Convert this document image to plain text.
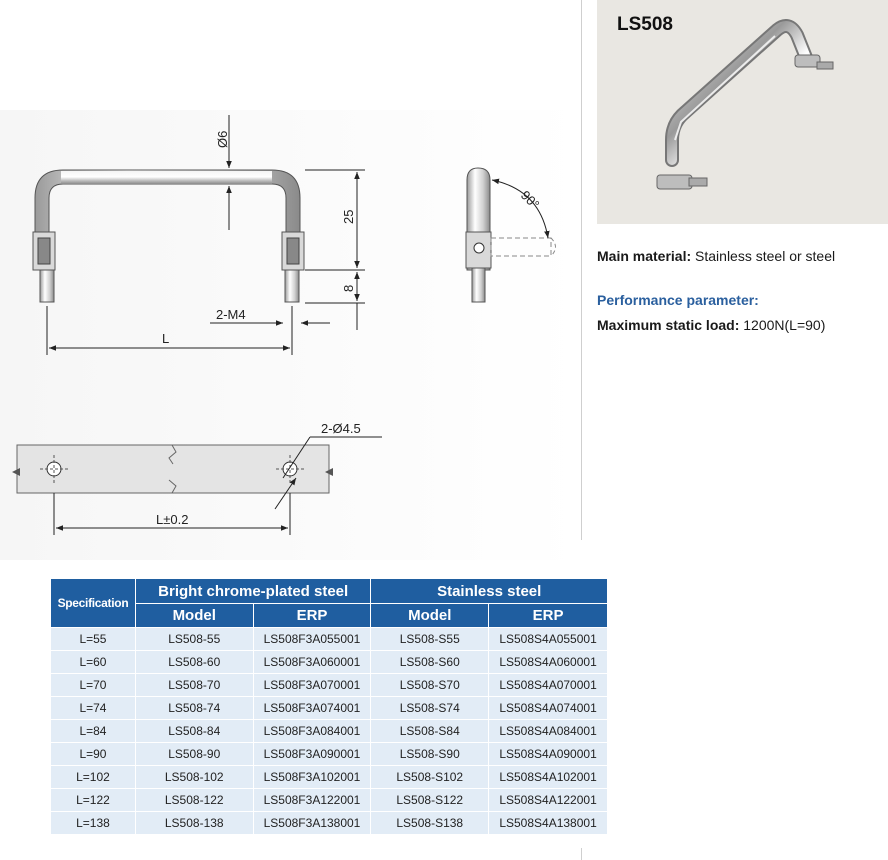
Ø6
25
8
2-M4
L
90°
2-Ø4.5
L±0.2
LS508
Main material: Stainless steel or steel
Performance parameter:
Maximum static load: 1200N(L=90)
Specification	Bright chrome-plated steel		Stainless steel	
	Model	ERP	Model	ERP
L=55	LS508-55	LS508F3A055001	LS508-S55	LS508S4A055001
L=60	LS508-60	LS508F3A060001	LS508-S60	LS508S4A060001
L=70	LS508-70	LS508F3A070001	LS508-S70	LS508S4A070001
L=74	LS508-74	LS508F3A074001	LS508-S74	LS508S4A074001
L=84	LS508-84	LS508F3A084001	LS508-S84	LS508S4A084001
L=90	LS508-90	LS508F3A090001	LS508-S90	LS508S4A090001
L=102	LS508-102	LS508F3A102001	LS508-S102	LS508S4A102001
L=122	LS508-122	LS508F3A122001	LS508-S122	LS508S4A122001
L=138	LS508-138	LS508F3A138001	LS508-S138	LS508S4A138001
